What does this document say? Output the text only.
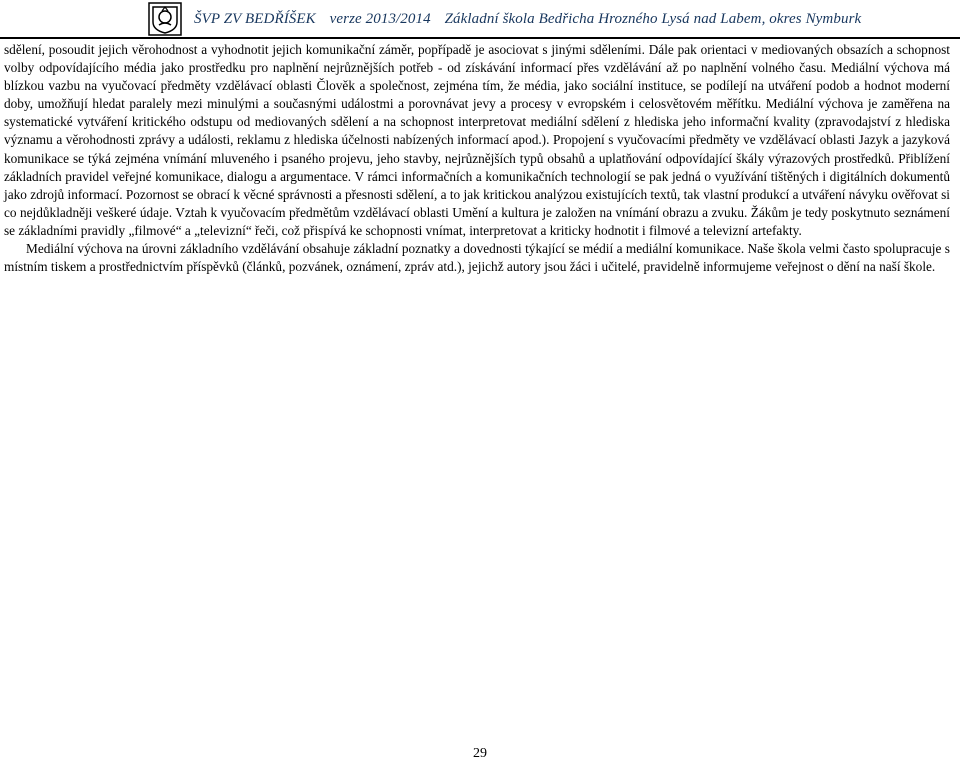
ŠVP ZV BEDŘÍŠEK verze 2013/2014 Základní škola Bedřicha Hrozného Lysá nad Labem, okres Nymburk

sdělení, posoudit jejich věrohodnost a vyhodnotit jejich komunikační záměr, popřípadě je asociovat s jinými sděleními. Dále pak orientaci v mediovaných obsazích a schopnost volby odpovídajícího média jako prostředku pro naplnění nejrůznějších potřeb - od získávání informací přes vzdělávání až po naplnění volného času. Mediální výchova má blízkou vazbu na vyučovací předměty vzdělávací oblasti Člověk a společnost, zejména tím, že média, jako sociální instituce, se podílejí na utváření podob a hodnot moderní doby, umožňují hledat paralely mezi minulými a současnými událostmi a porovnávat jevy a procesy v evropském i celosvětovém měřítku. Mediální výchova je zaměřena na systematické vytváření kritického odstupu od mediovaných sdělení a na schopnost interpretovat mediální sdělení z hlediska jeho informační kvality (zpravodajství z hlediska významu a věrohodnosti zprávy a události, reklamu z hlediska účelnosti nabízených informací apod.). Propojení s vyučovacími předměty ve vzdělávací oblasti Jazyk a jazyková komunikace se týká zejména vnímání mluveného i psaného projevu, jeho stavby, nejrůznějších typů obsahů a uplatňování odpovídající škály výrazových prostředků. Přiblížení základních pravidel veřejné komunikace, dialogu a argumentace. V rámci informačních a komunikačních technologií se pak jedná o využívání tištěných i digitálních dokumentů jako zdrojů informací. Pozornost se obrací k věcné správnosti a přesnosti sdělení, a to jak kritickou analýzou existujících textů, tak vlastní produkcí a utváření návyku ověřovat si co nejdůkladněji veškeré údaje. Vztah k vyučovacím předmětům vzdělávací oblasti Umění a kultura je založen na vnímání obrazu a zvuku. Žákům je tedy poskytnuto seznámení se základními pravidly „filmové“ a „televizní“ řeči, což přispívá ke schopnosti vnímat, interpretovat a kriticky hodnotit i filmové a televizní artefakty.

Mediální výchova na úrovni základního vzdělávání obsahuje základní poznatky a dovednosti týkající se médií a mediální komunikace. Naše škola velmi často spolupracuje s místním tiskem a prostřednictvím příspěvků (článků, pozvánek, oznámení, zpráv atd.), jejichž autory jsou žáci i učitelé, pravidelně informujeme veřejnost o dění na naší škole.

29
